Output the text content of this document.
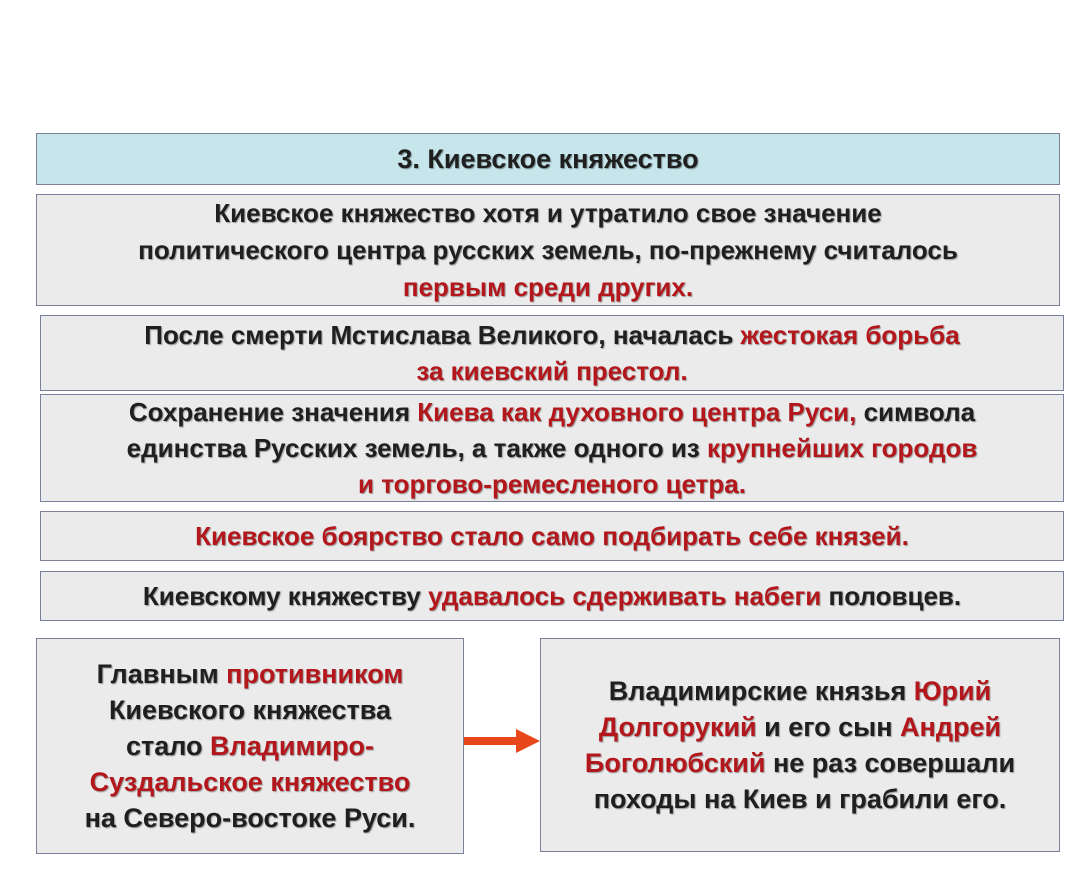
3. Киевское княжество
Киевское княжество хотя и утратило свое значение
политического центра русских земель, по-прежнему считалось
первым среди других.
После смерти Мстислава Великого, началась жестокая борьба
за киевский престол.
Сохранение значения Киева как духовного центра Руси, символа
единства Русских земель, а также одного из крупнейших городов
и торгово-ремесленого цетра.
Киевское боярство стало само подбирать себе князей.
Киевскому княжеству удавалось сдерживать набеги половцев.
Главным противником
Киевского княжества
стало Владимиро-
Суздальское княжество
на Северо-востоке Руси.
Владимирские князья Юрий
Долгорукий и его сын Андрей
Боголюбский не раз совершали
походы на Киев и грабили его.
